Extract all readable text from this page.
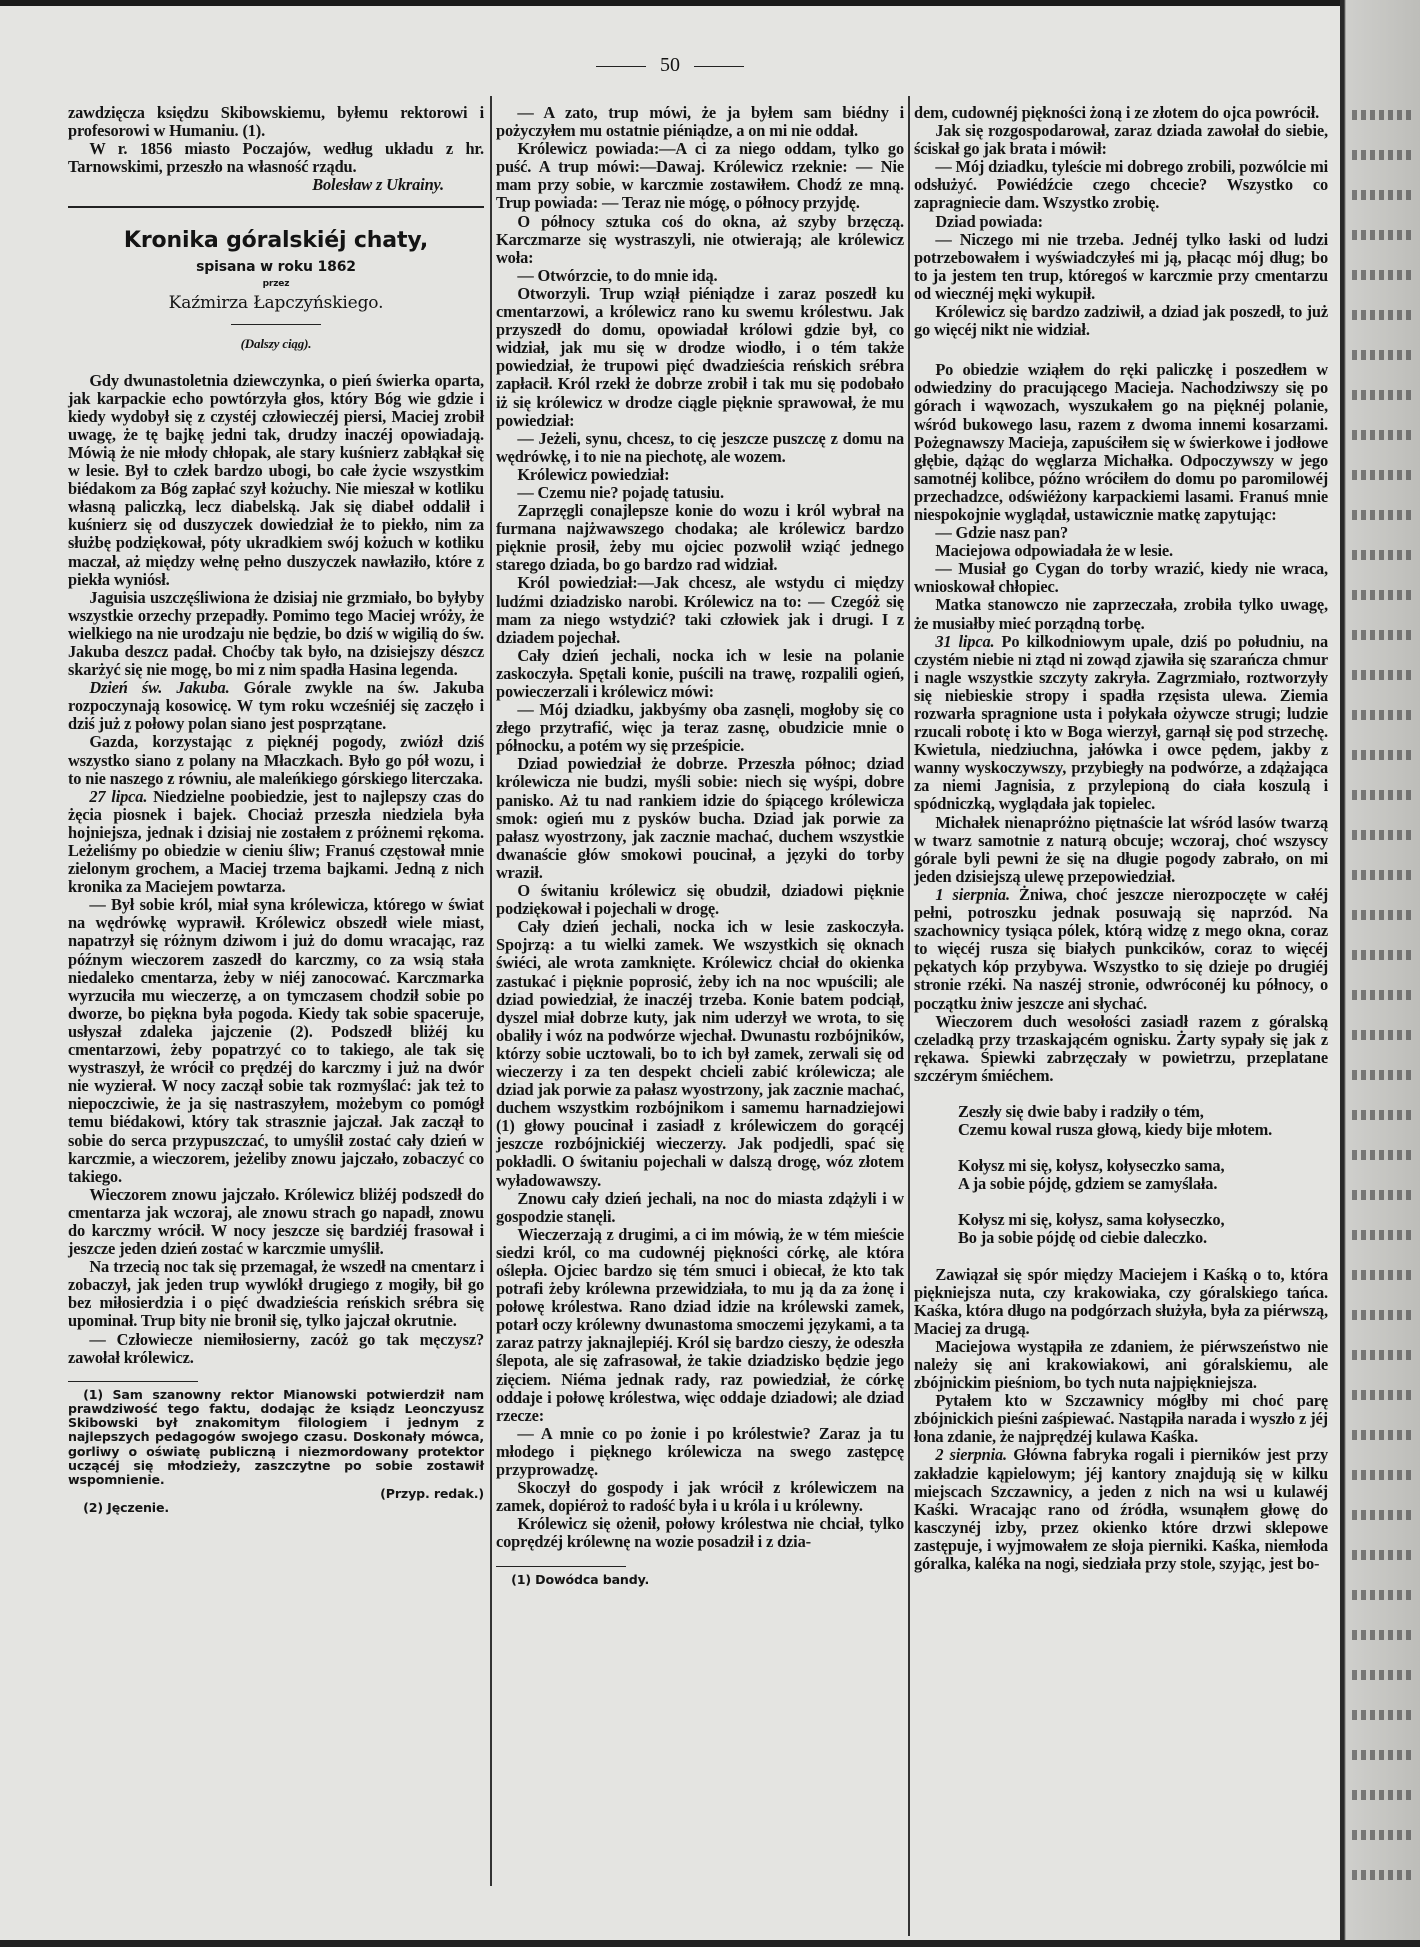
50

zawdzięcza księdzu Skibowskiemu, byłemu rektorowi i profesorowi w Humaniu. (1).

W r. 1856 miasto Poczajów, według układu z hr. Tarnowskimi, przeszło na własność rządu.

Bolesław z Ukrainy.
Kronika góralskiéj chaty,
spisana w roku 1862
przez
Kaźmirza Łapczyńskiego.
(Dalszy ciąg).

Gdy dwunastoletnia dziewczynka, o pień świerka oparta, jak karpackie echo powtórzyła głos, który Bóg wie gdzie i kiedy wydobył się z czystéj człowieczéj piersi, Maciej zrobił uwagę, że tę bajkę jedni tak, drudzy inaczéj opowiadają. Mówią że nie młody chłopak, ale stary kuśnierz zabłąkał się w lesie. Był to człek bardzo ubogi, bo całe życie wszystkim biédakom za Bóg zapłać szył kożuchy. Nie mieszał w kotliku własną paliczką, lecz diabelską. Jak się diabeł oddalił i kuśnierz się od duszyczek dowiedział że to piekło, nim za służbę podziękował, póty ukradkiem swój kożuch w kotliku maczał, aż między wełnę pełno duszyczek nawłaziło, które z piekła wyniósł.

Jaguisia uszczęśliwiona że dzisiaj nie grzmiało, bo byłyby wszystkie orzechy przepadły. Pomimo tego Maciej wróży, że wielkiego na nie urodzaju nie będzie, bo dziś w wigilią do św. Jakuba deszcz padał. Choćby tak było, na dzisiejszy dészcz skarżyć się nie mogę, bo mi z nim spadła Hasina legenda.

Dzień św. Jakuba. Górale zwykle na św. Jakuba rozpoczynają kosowicę. W tym roku wcześniéj się zaczęło i dziś już z połowy polan siano jest posprzątane.

Gazda, korzystając z pięknéj pogody, zwiózł dziś wszystko siano z polany na Młaczkach. Było go pół wozu, i to nie naszego z równiu, ale maleńkiego górskiego literczaka.

27 lipca. Niedzielne poobiedzie, jest to najlepszy czas do żęcia piosnek i bajek. Chociaż przeszła niedziela była hojniejsza, jednak i dzisiaj nie zostałem z próżnemi rękoma. Leżeliśmy po obiedzie w cieniu śliw; Franuś częstował mnie zielonym grochem, a Maciej trzema bajkami. Jedną z nich kronika za Maciejem powtarza.

— Był sobie król, miał syna królewicza, którego w świat na wędrówkę wyprawił. Królewicz obszedł wiele miast, napatrzył się różnym dziwom i już do domu wracając, raz późnym wieczorem zaszedł do karczmy, co za wsią stała niedaleko cmentarza, żeby w niéj zanocować. Karczmarka wyrzuciła mu wieczerzę, a on tymczasem chodził sobie po dworze, bo piękna była pogoda. Kiedy tak sobie spaceruje, usłyszał zdaleka jajczenie (2). Podszedł bliżéj ku cmentarzowi, żeby popatrzyć co to takiego, ale tak się wystraszył, że wrócił co prędzéj do karczmy i już na dwór nie wyzierał. W nocy zaczął sobie tak rozmyślać: jak też to niepoczciwie, że ja się nastraszyłem, możebym co pomógł temu biédakowi, który tak strasznie jajczał. Jak zaczął to sobie do serca przypuszczać, to umyślił zostać cały dzień w karczmie, a wieczorem, jeżeliby znowu jajczało, zobaczyć co takiego.

Wieczorem znowu jajczało. Królewicz bliżéj podszedł do cmentarza jak wczoraj, ale znowu strach go napadł, znowu do karczmy wrócił. W nocy jeszcze się bardziéj frasował i jeszcze jeden dzień zostać w karczmie umyślił.

Na trzecią noc tak się przemagał, że wszedł na cmentarz i zobaczył, jak jeden trup wywlókł drugiego z mogiły, bił go bez miłosierdzia i o pięć dwadzieścia reńskich srébra się upominał. Trup bity nie bronił się, tylko jajczał okrutnie.

— Człowiecze niemiłosierny, zacóż go tak męczysz? zawołał królewicz.

(1) Sam szanowny rektor Mianowski potwierdził nam prawdziwość tego faktu, dodając że ksiądz Leonczyusz Skibowski był znakomitym filologiem i jednym z najlepszych pedagogów swojego czasu. Doskonały mówca, gorliwy o oświatę publiczną i niezmordowany protektor uczącéj się młodzieży, zaszczytne po sobie zostawił wspomnienie.

(Przyp. redak.)

(2) Jęczenie.

— A zato, trup mówi, że ja byłem sam biédny i pożyczyłem mu ostatnie piéniądze, a on mi nie oddał.

Królewicz powiada:—A ci za niego oddam, tylko go puść. A trup mówi:—Dawaj. Królewicz rzeknie: — Nie mam przy sobie, w karczmie zostawiłem. Chodź ze mną. Trup powiada: — Teraz nie mógę, o północy przyjdę.

O północy sztuka coś do okna, aż szyby brzęczą. Karczmarze się wystraszyli, nie otwierają; ale królewicz woła:

— Otwórzcie, to do mnie idą.

Otworzyli. Trup wziął piéniądze i zaraz poszedł ku cmentarzowi, a królewicz rano ku swemu królestwu. Jak przyszedł do domu, opowiadał królowi gdzie był, co widział, jak mu się w drodze wiodło, i o tém także powiedział, że trupowi pięć dwadzieścia reńskich srébra zapłacił. Król rzekł że dobrze zrobił i tak mu się podobało iż się królewicz w drodze ciągle pięknie sprawował, że mu powiedział:

— Jeżeli, synu, chcesz, to cię jeszcze puszczę z domu na wędrówkę, i to nie na piechotę, ale wozem.

Królewicz powiedział:

— Czemu nie? pojadę tatusiu.

Zaprzęgli conajlepsze konie do wozu i król wybrał na furmana najżwawszego chodaka; ale królewicz bardzo pięknie prosił, żeby mu ojciec pozwolił wziąć jednego starego dziada, bo go bardzo rad widział.

Król powiedział:—Jak chcesz, ale wstydu ci między ludźmi dziadzisko narobi. Królewicz na to: — Czegóż się mam za niego wstydzić? taki człowiek jak i drugi. I z dziadem pojechał.

Cały dzień jechali, nocka ich w lesie na polanie zaskoczyła. Spętali konie, puścili na trawę, rozpalili ogień, powieczerzali i królewicz mówi:

— Mój dziadku, jakbyśmy oba zasnęli, mogłoby się co złego przytrafić, więc ja teraz zasnę, obudzicie mnie o północku, a potém wy się prześpicie.

Dziad powiedział że dobrze. Przeszła północ; dziad królewicza nie budzi, myśli sobie: niech się wyśpi, dobre panisko. Aż tu nad rankiem idzie do śpiącego królewicza smok: ogień mu z pysków bucha. Dziad jak porwie za pałasz wyostrzony, jak zacznie machać, duchem wszystkie dwanaście głów smokowi poucinał, a języki do torby wraził.

O świtaniu królewicz się obudził, dziadowi pięknie podziękował i pojechali w drogę.

Cały dzień jechali, nocka ich w lesie zaskoczyła. Spojrzą: a tu wielki zamek. We wszystkich się oknach świéci, ale wrota zamknięte. Królewicz chciał do okienka zastukać i pięknie poprosić, żeby ich na noc wpuścili; ale dziad powiedział, że inaczéj trzeba. Konie batem podciął, dyszel miał dobrze kuty, jak nim uderzył we wrota, to się obaliły i wóz na podwórze wjechał. Dwunastu rozbójników, którzy sobie ucztowali, bo to ich był zamek, zerwali się od wieczerzy i za ten despekt chcieli zabić królewicza; ale dziad jak porwie za pałasz wyostrzony, jak zacznie machać, duchem wszystkim rozbójnikom i samemu harnadziejowi (1) głowy poucinał i zasiadł z królewiczem do gorącéj jeszcze rozbójnickiéj wieczerzy. Jak podjedli, spać się pokładli. O świtaniu pojechali w dalszą drogę, wóz złotem wyładowawszy.

Znowu cały dzień jechali, na noc do miasta zdążyli i w gospodzie stanęli.

Wieczerzają z drugimi, a ci im mówią, że w tém mieście siedzi król, co ma cudownéj piękności córkę, ale która oślepła. Ojciec bardzo się tém smuci i obiecał, że kto tak potrafi żeby królewna przewidziała, to mu ją da za żonę i połowę królestwa. Rano dziad idzie na królewski zamek, potarł oczy królewny dwunastoma smoczemi językami, a ta zaraz patrzy jaknajlepiéj. Król się bardzo cieszy, że odeszła ślepota, ale się zafrasował, że takie dziadzisko będzie jego zięciem. Niéma jednak rady, raz powiedział, że córkę oddaje i połowę królestwa, więc oddaje dziadowi; ale dziad rzecze:

— A mnie co po żonie i po królestwie? Zaraz ja tu młodego i pięknego królewicza na swego zastępcę przyprowadzę.

Skoczył do gospody i jak wrócił z królewiczem na zamek, dopiéroż to radość była i u króla i u królewny.

Królewicz się ożenił, połowy królestwa nie chciał, tylko coprędzéj królewnę na wozie posadził i z dzia-

(1) Dowódca bandy.

dem, cudownéj piękności żoną i ze złotem do ojca powrócił.

Jak się rozgospodarował, zaraz dziada zawołał do siebie, ściskał go jak brata i mówił:

— Mój dziadku, tyleście mi dobrego zrobili, pozwólcie mi odsłużyć. Powiédźcie czego chcecie? Wszystko co zapragniecie dam. Wszystko zrobię.

Dziad powiada:

— Niczego mi nie trzeba. Jednéj tylko łaski od ludzi potrzebowałem i wyświadczyłeś mi ją, płacąc mój dług; bo to ja jestem ten trup, któregoś w karczmie przy cmentarzu od wiecznéj męki wykupił.

Królewicz się bardzo zadziwił, a dziad jak poszedł, to już go więcéj nikt nie widział.

Po obiedzie wziąłem do ręki paliczkę i poszedłem w odwiedziny do pracującego Macieja. Nachodziwszy się po górach i wąwozach, wyszukałem go na pięknéj polanie, wśród bukowego lasu, razem z dwoma innemi kosarzami. Pożegnawszy Macieja, zapuściłem się w świerkowe i jodłowe głębie, dążąc do węglarza Michałka. Odpoczywszy w jego samotnéj kolibce, późno wróciłem do domu po paromilowéj przechadzce, odświéżony karpackiemi lasami. Franuś mnie niespokojnie wyglądał, ustawicznie matkę zapytując:

— Gdzie nasz pan?

Maciejowa odpowiadała że w lesie.

— Musiał go Cygan do torby wrazić, kiedy nie wraca, wnioskował chłopiec.

Matka stanowczo nie zaprzeczała, zrobiła tylko uwagę, że musiałby mieć porządną torbę.

31 lipca. Po kilkodniowym upale, dziś po południu, na czystém niebie ni ztąd ni zowąd zjawiła się szarańcza chmur i nagle wszystkie szczyty zakryła. Zagrzmiało, roztworzyły się niebieskie stropy i spadła rzęsista ulewa. Ziemia rozwarła spragnione usta i połykała ożywcze strugi; ludzie rzucali robotę i kto w Boga wierzył, garnął się pod strzechę. Kwietula, niedziuchna, jałówka i owce pędem, jakby z wanny wyskoczywszy, przybiegły na podwórze, a zdążająca za niemi Jagnisia, z przylepioną do ciała koszulą i spódniczką, wyglądała jak topielec.

Michałek nienapróżno piętnaście lat wśród lasów twarzą w twarz samotnie z naturą obcuje; wczoraj, choć wszyscy górale byli pewni że się na długie pogody zabrało, on mi jeden dzisiejszą ulewę przepowiedział.

1 sierpnia. Żniwa, choć jeszcze nierozpoczęte w całéj pełni, potroszku jednak posuwają się naprzód. Na szachownicy tysiąca pólek, którą widzę z mego okna, coraz to więcéj rusza się białych punkcików, coraz to więcéj pękatych kóp przybywa. Wszystko to się dzieje po drugiéj stronie rzéki. Na naszéj stronie, odwróconéj ku północy, o początku żniw jeszcze ani słychać.

Wieczorem duch wesołości zasiadł razem z góralską czeladką przy trzaskającém ognisku. Żarty sypały się jak z rękawa. Śpiewki zabrzęczały w powietrzu, przeplatane szczérym śmiéchem.

Zeszły się dwie baby i radziły o tém,

Czemu kowal rusza głową, kiedy bije młotem.

Kołysz mi się, kołysz, kołyseczko sama,

A ja sobie pójdę, gdziem se zamyślała.

Kołysz mi się, kołysz, sama kołyseczko,

Bo ja sobie pójdę od ciebie daleczko.

Zawiązał się spór między Maciejem i Kaśką o to, która piękniejsza nuta, czy krakowiaka, czy góralskiego tańca. Kaśka, która długo na podgórzach służyła, była za piérwszą, Maciej za drugą.

Maciejowa wystąpiła ze zdaniem, że piérwszeństwo nie należy się ani krakowiakowi, ani góralskiemu, ale zbójnickim pieśniom, bo tych nuta najpiękniejsza.

Pytałem kto w Szczawnicy mógłby mi choć parę zbójnickich pieśni zaśpiewać. Nastąpiła narada i wyszło z jéj łona zdanie, że najprędzéj kulawa Kaśka.

2 sierpnia. Główna fabryka rogali i pierników jest przy zakładzie kąpielowym; jéj kantory znajdują się w kilku miejscach Szczawnicy, a jeden z nich na wsi u kulawéj Kaśki. Wracając rano od źródła, wsunąłem głowę do kasczynéj izby, przez okienko które drzwi sklepowe zastępuje, i wyjmowałem ze słoja pierniki. Kaśka, niemłoda góralka, kaléka na nogi, siedziała przy stole, szyjąc, jest bo-
